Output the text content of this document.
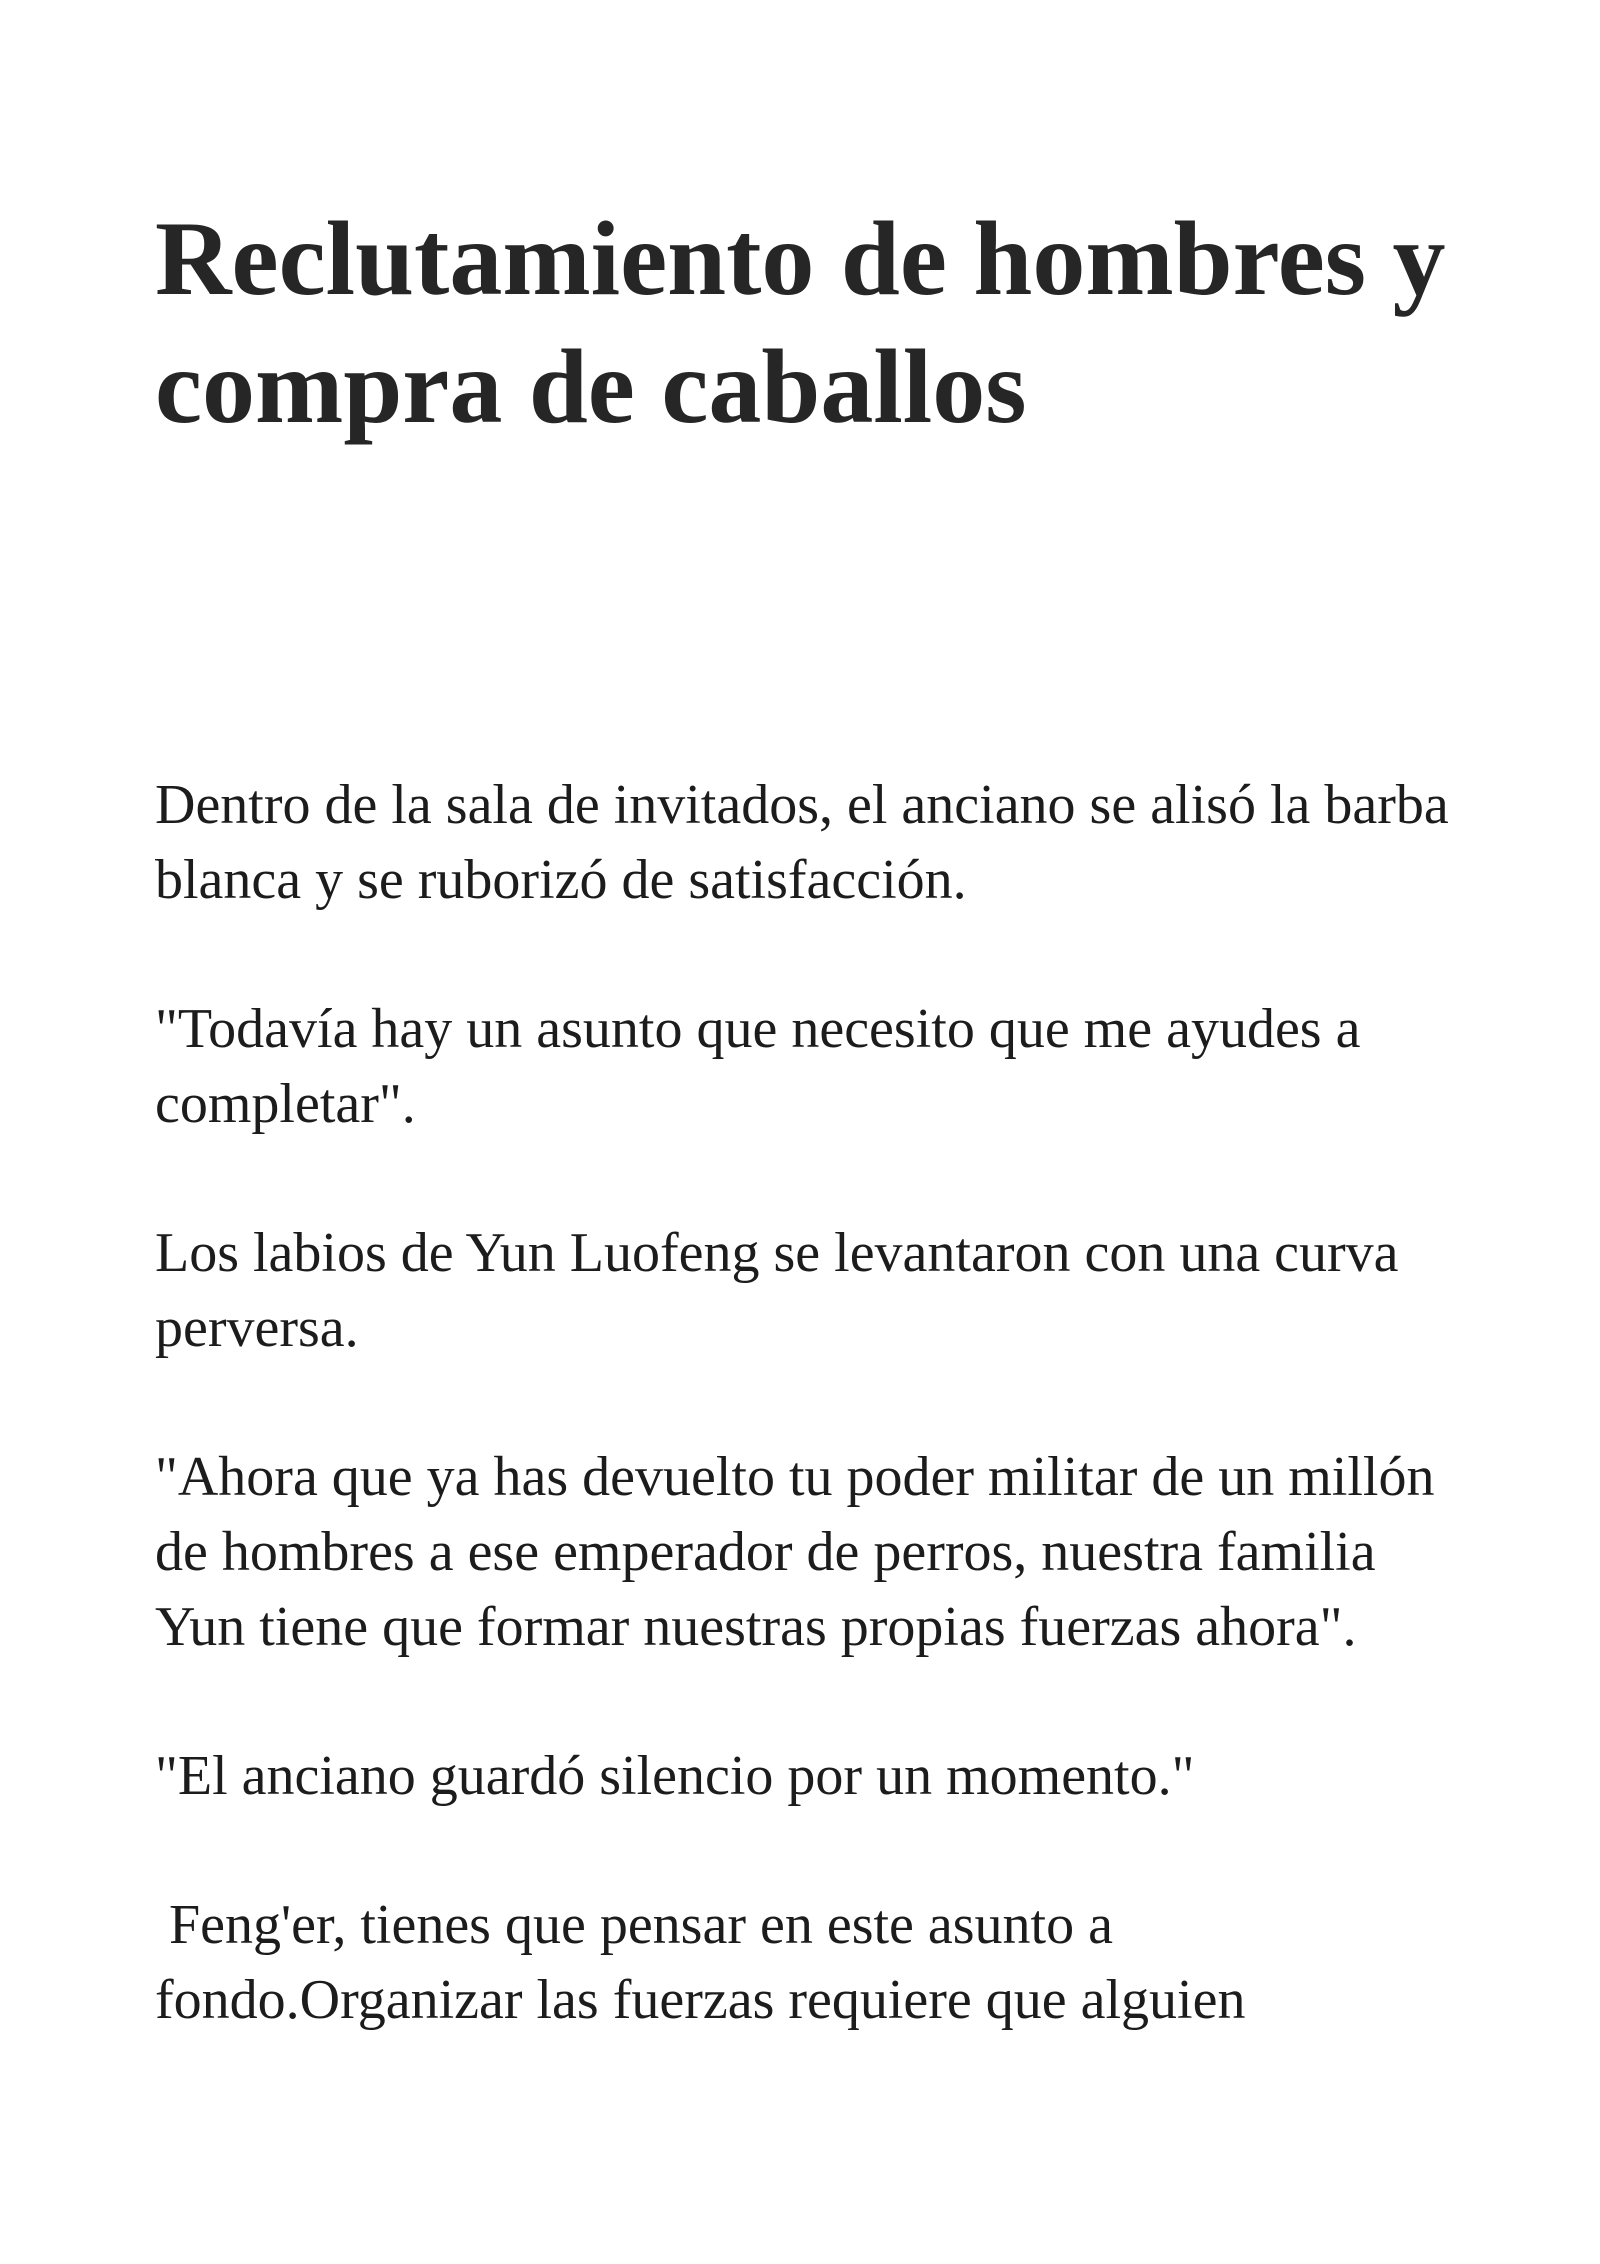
Reclutamiento de hombres y compra de caballos

Dentro de la sala de invitados, el anciano se alisó la barba blanca y se ruborizó de satisfacción.

"Todavía hay un asunto que necesito que me ayudes a completar".

Los labios de Yun Luofeng se levantaron con una curva perversa.

"Ahora que ya has devuelto tu poder militar de un millón de hombres a ese emperador de perros, nuestra familia Yun tiene que formar nuestras propias fuerzas ahora".

"El anciano guardó silencio por un momento."

Feng'er, tienes que pensar en este asunto a fondo.Organizar las fuerzas requiere que alguien
